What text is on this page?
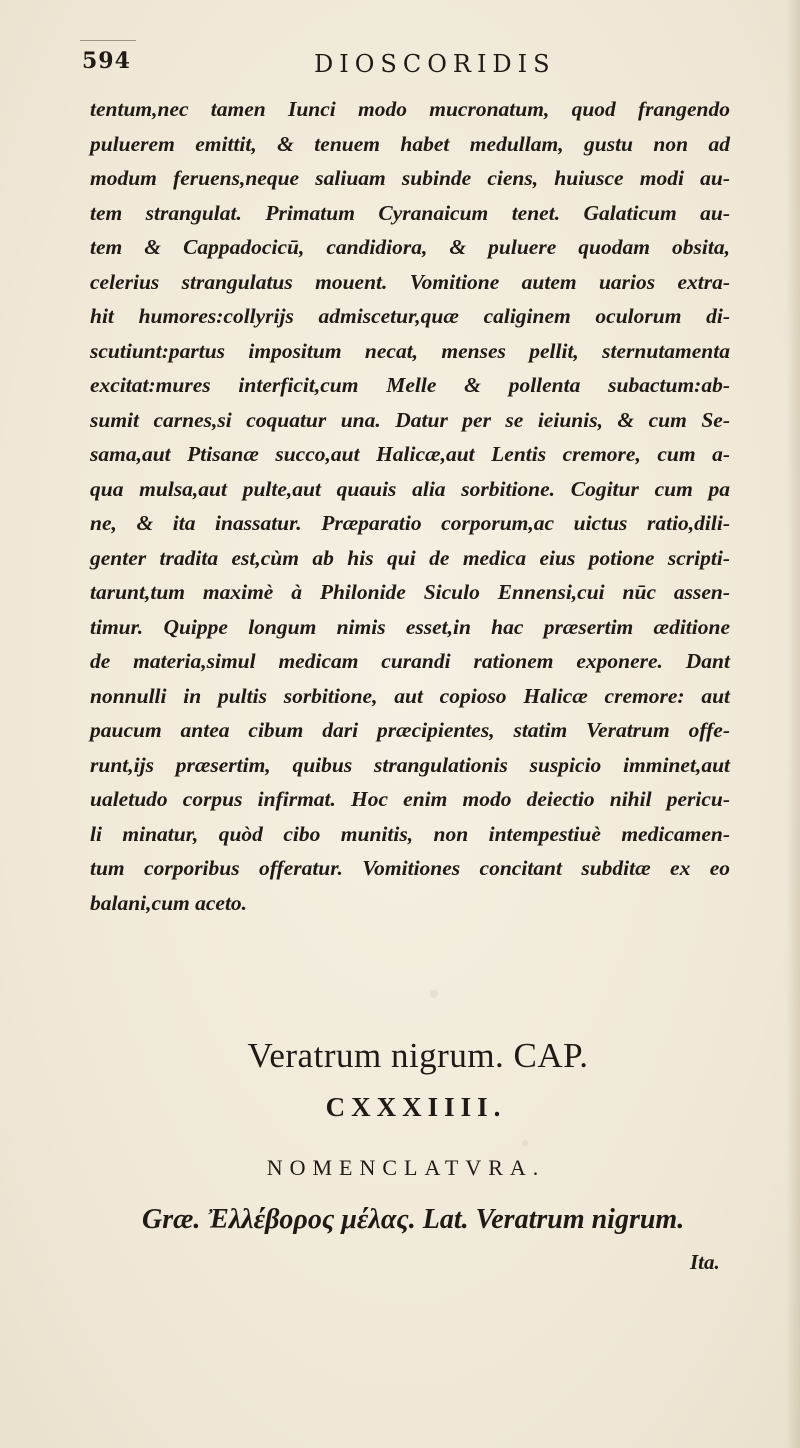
594	DIOSCORIDIS
tentum,nec tamen Iunci modo mucronatum, quod frangendo
puluerem emittit, & tenuem habet medullam, gustu non ad
modum feruens,neque saliuam subinde ciens, huiusce modi au-
tem strangulat. Primatum Cyranaicum tenet. Galaticum au-
tem & Cappadocicū, candidiora, & puluere quodam obsita,
celerius strangulatus mouent. Vomitione autem uarios extra-
hit humores:collyrijs admiscetur,quæ caliginem oculorum di-
scutiunt:partus impositum necat, menses pellit, sternutamenta
excitat:mures interficit,cum Melle & pollenta subactum:ab-
sumit carnes,si coquatur una. Datur per se ieiunis, & cum Se-
sama,aut Ptisanæ succo,aut Halicæ,aut Lentis cremore, cum a-
qua mulsa,aut pulte,aut quauis alia sorbitione. Cogitur cum pa
ne, & ita inassatur. Præparatio corporum,ac uictus ratio,dili-
genter tradita est,cùm ab his qui de medica eius potione scripti-
tarunt,tum maximè à Philonide Siculo Ennensi,cui nūc assen-
timur. Quippe longum nimis esset,in hac præsertim æditione
de materia,simul medicam curandi rationem exponere. Dant
nonnulli in pultis sorbitione, aut copioso Halicæ cremore: aut
paucum antea cibum dari præcipientes, statim Veratrum offe-
runt,ijs præsertim, quibus strangulationis suspicio imminet,aut
ualetudo corpus infirmat. Hoc enim modo deiectio nihil pericu-
li minatur, quòd cibo munitis, non intempestiuè medicamen-
tum corporibus offeratur. Vomitiones concitant subditæ ex eo
balani,cum aceto.
Veratrum nigrum. CAP.
CXXXIIII.
NOMENCLATVRA.
Græ. Ἐλλέβορος μέλας. Lat. Veratrum nigrum.
Ita.
